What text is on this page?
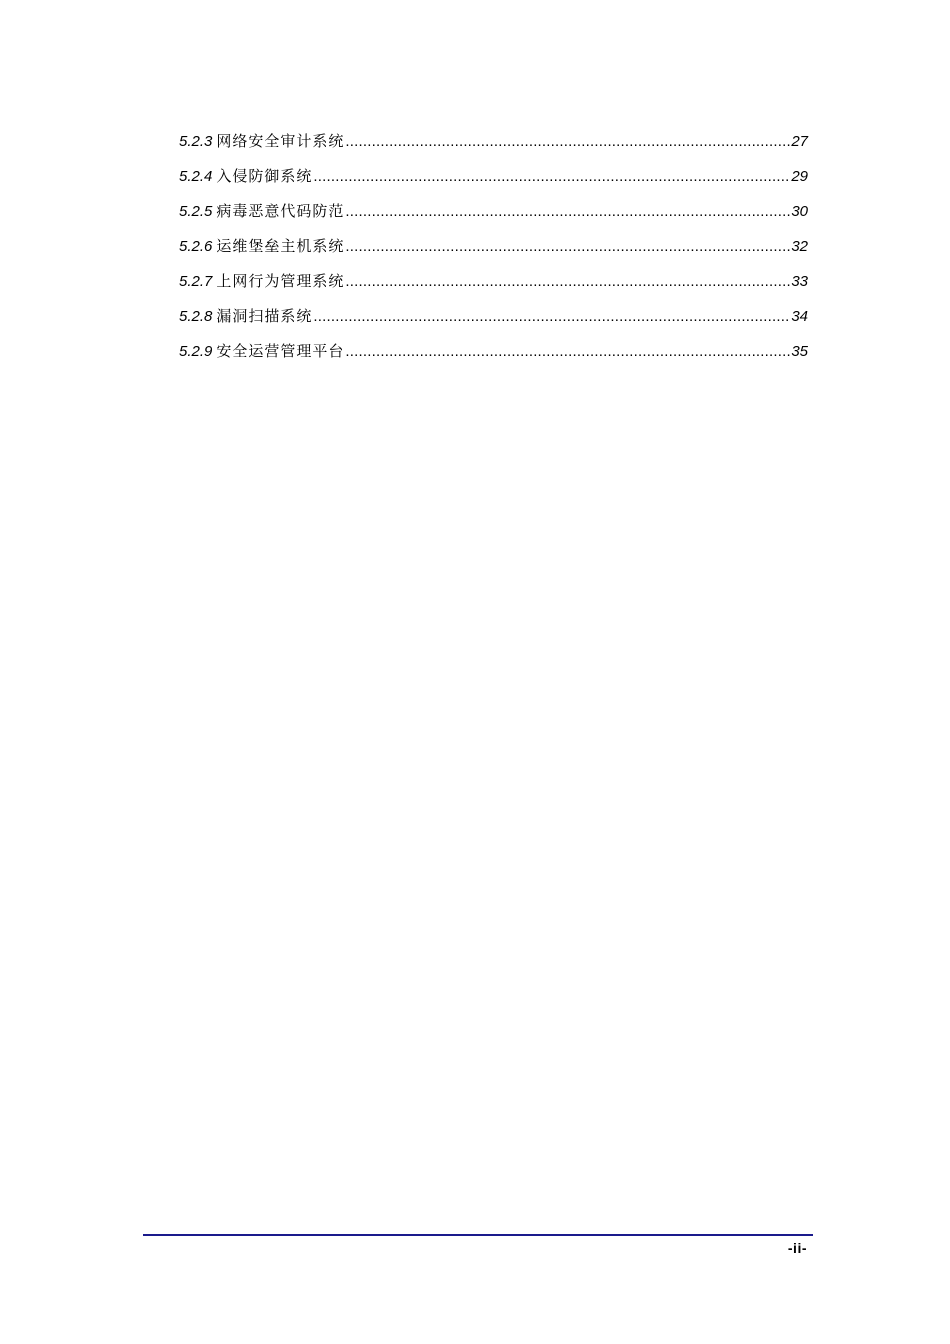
5.2.3 网络安全审计系统 .....	27
5.2.4 入侵防御系统 .....	29
5.2.5 病毒恶意代码防范 .....	30
5.2.6 运维堡垒主机系统 .....	32
5.2.7 上网行为管理系统 .....	33
5.2.8 漏洞扫描系统 .....	34
5.2.9 安全运营管理平台 .....	35
-ii-
